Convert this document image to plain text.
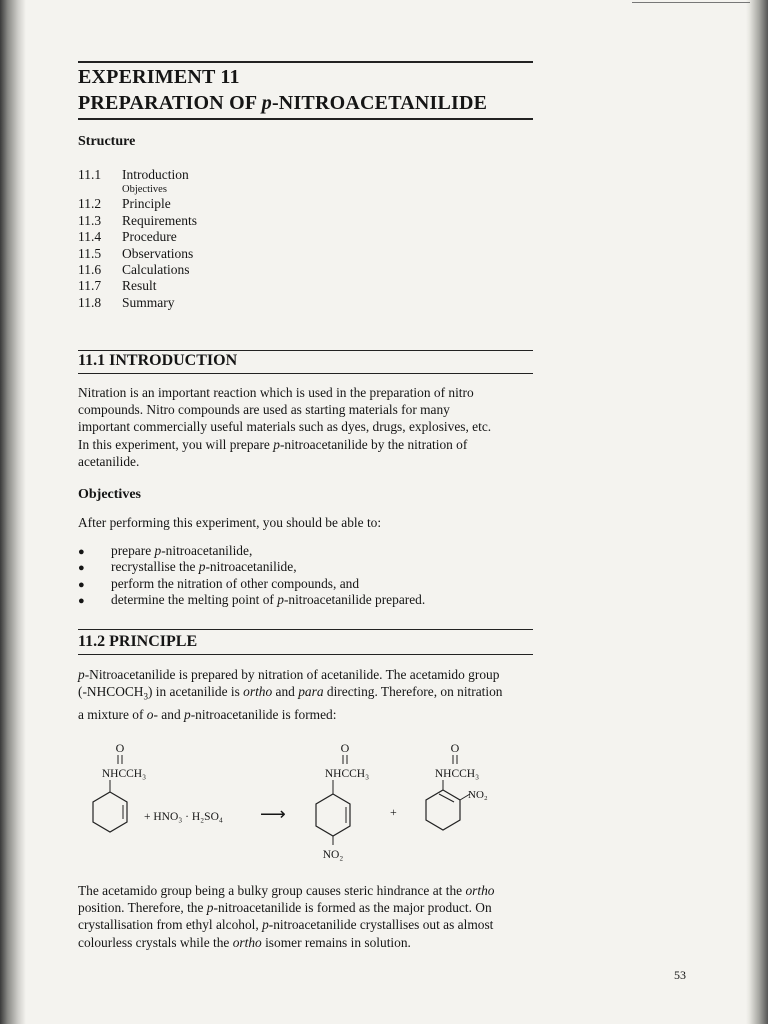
EXPERIMENT 11
PREPARATION OF p-NITROACETANILIDE
Structure
11.1 Introduction
Objectives
11.2 Principle
11.3 Requirements
11.4 Procedure
11.5 Observations
11.6 Calculations
11.7 Result
11.8 Summary
11.1 INTRODUCTION

Nitration is an important reaction which is used in the preparation of nitro

compounds. Nitro compounds are used as starting materials for many

important commercially useful materials such as dyes, drugs, explosives, etc.

In this experiment, you will prepare p-nitroacetanilide by the nitration of

acetanilide.

Objectives

After performing this experiment, you should be able to:

● prepare p-nitroacetanilide,
● recrystallise the p-nitroacetanilide,
● perform the nitration of other compounds, and
● determine the melting point of p-nitroacetanilide prepared.
11.2 PRINCIPLE

p-Nitroacetanilide is prepared by nitration of acetanilide. The acetamido group

$(-NHCOCH_3)$ in acetanilide is ortho and para directing. Therefore, on nitration

a mixture of o- and p-nitroacetanilide is formed:

O
NHCCH₃
+ HNO₃ · H₂SO₄ ⟶
O
NHCCH₃
NO₂
+
O
NHCCH₃
NO₂

The acetamido group being a bulky group causes steric hindrance at the ortho

position. Therefore, the p-nitroacetanilide is formed as the major product. On

crystallisation from ethyl alcohol, p-nitroacetanilide crystallises out as almost

colourless crystals while the ortho isomer remains in solution.

53
